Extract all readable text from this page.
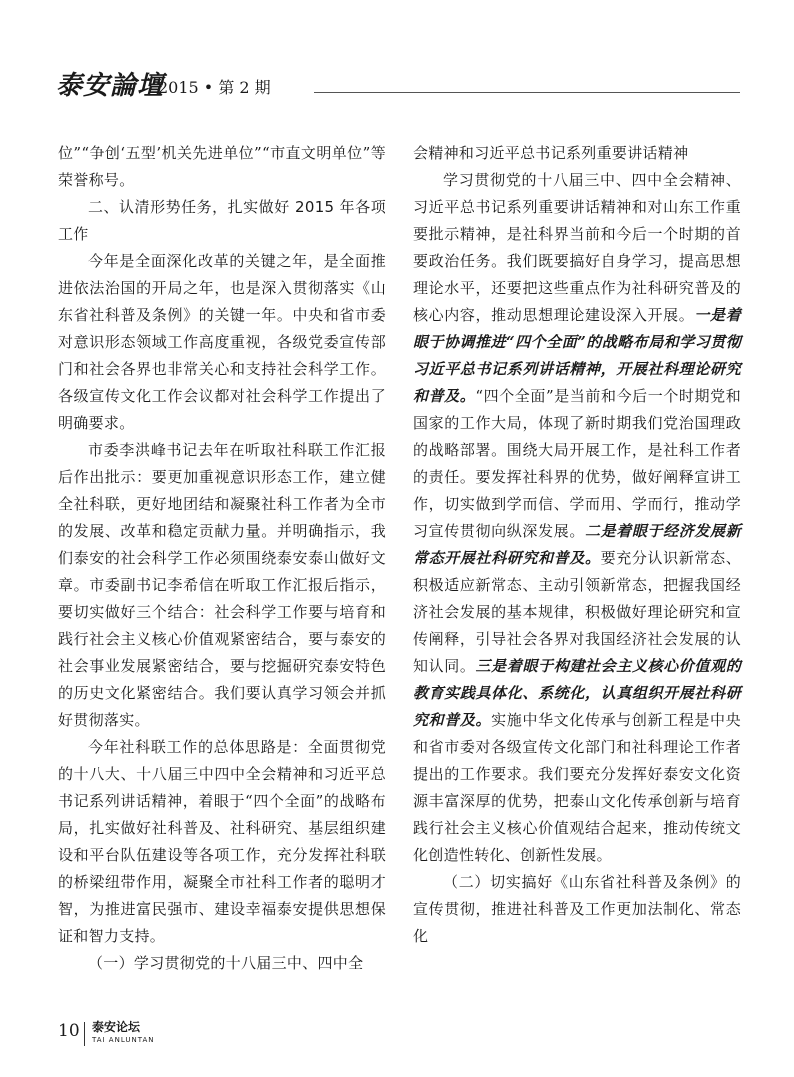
泰安論壇
2015 • 第 2 期

位”“争创‘五型’机关先进单位”“市直文明单位”等荣誉称号。

二、认清形势任务，扎实做好 2015 年各项工作

今年是全面深化改革的关键之年，是全面推进依法治国的开局之年，也是深入贯彻落实《山东省社科普及条例》的关键一年。中央和省市委对意识形态领域工作高度重视，各级党委宣传部门和社会各界也非常关心和支持社会科学工作。各级宣传文化工作会议都对社会科学工作提出了明确要求。

市委李洪峰书记去年在听取社科联工作汇报后作出批示：要更加重视意识形态工作，建立健全社科联，更好地团结和凝聚社科工作者为全市的发展、改革和稳定贡献力量。并明确指示，我们泰安的社会科学工作必须围绕泰安泰山做好文章。市委副书记李希信在听取工作汇报后指示，要切实做好三个结合：社会科学工作要与培育和践行社会主义核心价值观紧密结合，要与泰安的社会事业发展紧密结合，要与挖掘研究泰安特色的历史文化紧密结合。我们要认真学习领会并抓好贯彻落实。

今年社科联工作的总体思路是：全面贯彻党的十八大、十八届三中四中全会精神和习近平总书记系列讲话精神，着眼于“四个全面”的战略布局，扎实做好社科普及、社科研究、基层组织建设和平台队伍建设等各项工作，充分发挥社科联的桥梁纽带作用，凝聚全市社科工作者的聪明才智，为推进富民强市、建设幸福泰安提供思想保证和智力支持。

（一）学习贯彻党的十八届三中、四中全

会精神和习近平总书记系列重要讲话精神

学习贯彻党的十八届三中、四中全会精神、习近平总书记系列重要讲话精神和对山东工作重要批示精神，是社科界当前和今后一个时期的首要政治任务。我们既要搞好自身学习，提高思想理论水平，还要把这些重点作为社科研究普及的核心内容，推动思想理论建设深入开展。一是着眼于协调推进“四个全面”的战略布局和学习贯彻习近平总书记系列讲话精神，开展社科理论研究和普及。“四个全面”是当前和今后一个时期党和国家的工作大局，体现了新时期我们党治国理政的战略部署。围绕大局开展工作，是社科工作者的责任。要发挥社科界的优势，做好阐释宣讲工作，切实做到学而信、学而用、学而行，推动学习宣传贯彻向纵深发展。二是着眼于经济发展新常态开展社科研究和普及。要充分认识新常态、积极适应新常态、主动引领新常态，把握我国经济社会发展的基本规律，积极做好理论研究和宣传阐释，引导社会各界对我国经济社会发展的认知认同。三是着眼于构建社会主义核心价值观的教育实践具体化、系统化，认真组织开展社科研究和普及。实施中华文化传承与创新工程是中央和省市委对各级宣传文化部门和社科理论工作者提出的工作要求。我们要充分发挥好泰安文化资源丰富深厚的优势，把泰山文化传承创新与培育践行社会主义核心价值观结合起来，推动传统文化创造性转化、创新性发展。

（二）切实搞好《山东省社科普及条例》的宣传贯彻，推进社科普及工作更加法制化、常态化

10 泰安论坛
TAI ANLUNTAN
